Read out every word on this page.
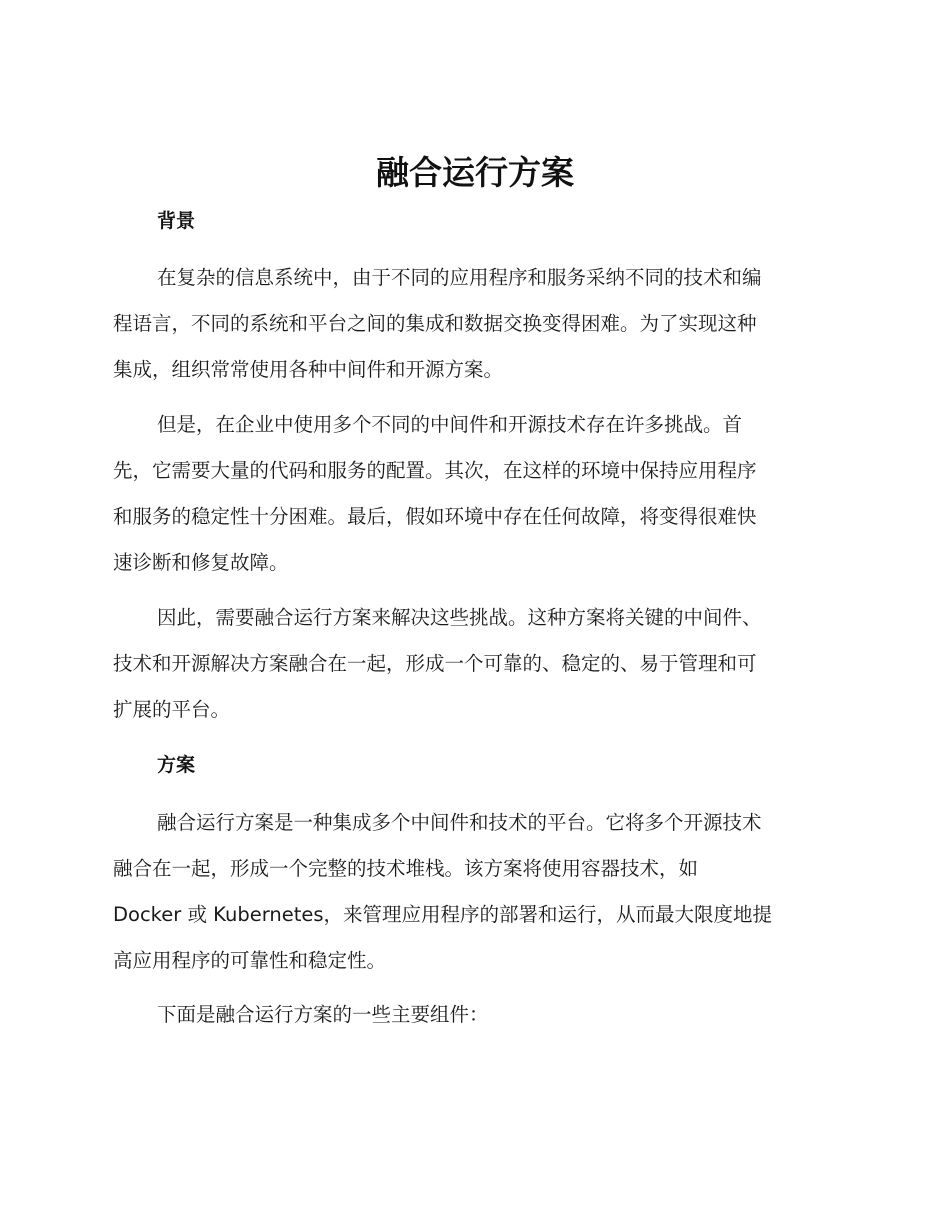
融合运行方案
背景

在复杂的信息系统中，由于不同的应用程序和服务采纳不同的技术和编
程语言，不同的系统和平台之间的集成和数据交换变得困难。为了实现这种
集成，组织常常使用各种中间件和开源方案。

但是，在企业中使用多个不同的中间件和开源技术存在许多挑战。首
先，它需要大量的代码和服务的配置。其次，在这样的环境中保持应用程序
和服务的稳定性十分困难。最后，假如环境中存在任何故障，将变得很难快
速诊断和修复故障。

因此，需要融合运行方案来解决这些挑战。这种方案将关键的中间件、
技术和开源解决方案融合在一起，形成一个可靠的、稳定的、易于管理和可
扩展的平台。

方案

融合运行方案是一种集成多个中间件和技术的平台。它将多个开源技术
融合在一起，形成一个完整的技术堆栈。该方案将使用容器技术，如
Docker 或 Kubernetes，来管理应用程序的部署和运行，从而最大限度地提
高应用程序的可靠性和稳定性。

下面是融合运行方案的一些主要组件：
